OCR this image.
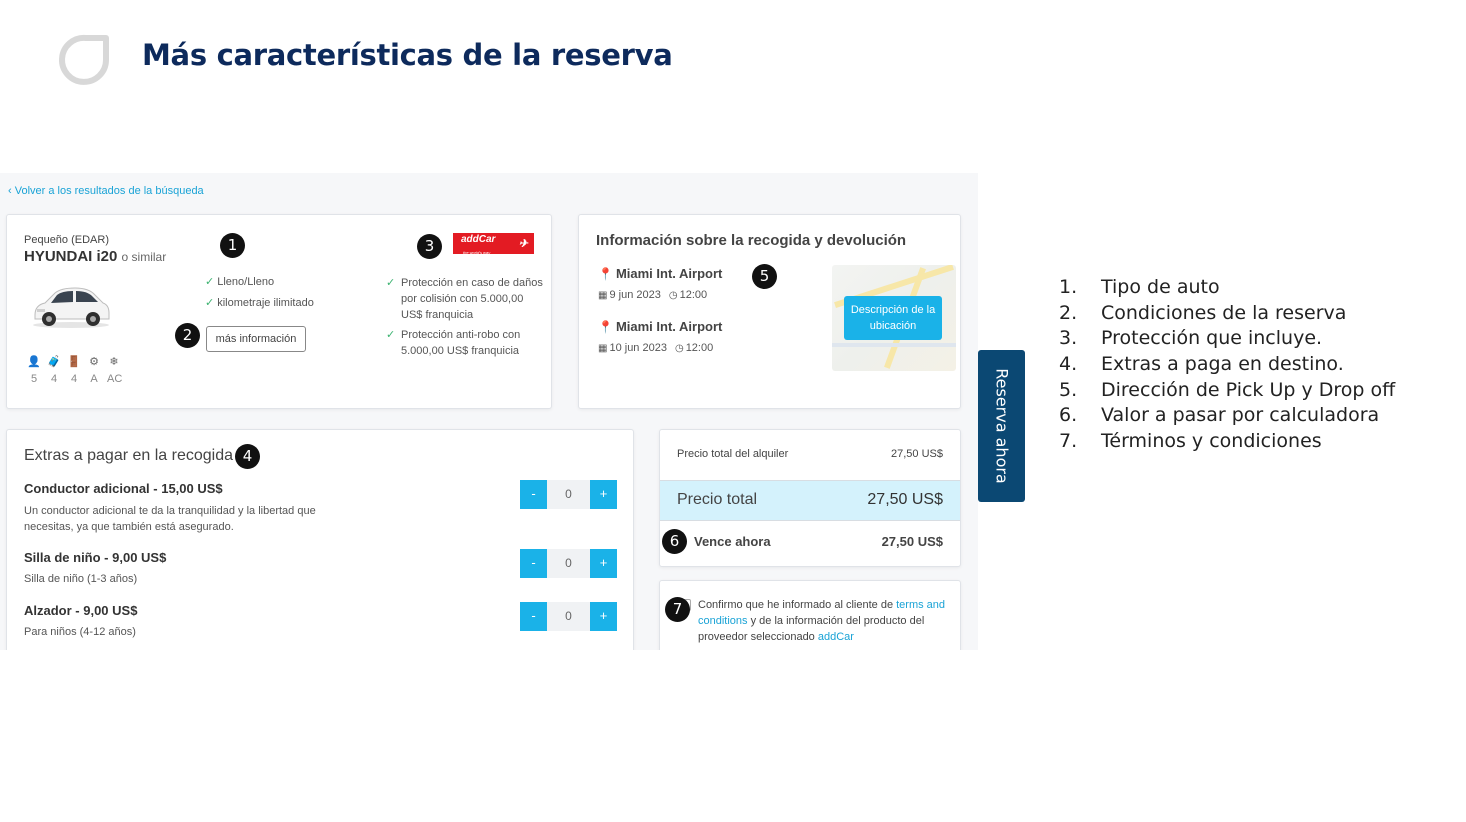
Más características de la reserva
‹ Volver a los resultados de la búsqueda
Pequeño (EDAR)
HYUNDAI i20 o similar
👤
5
🧳
4
🚪
4
⚙
A
❄
AC
1
✓ Lleno/Lleno
✓ kilometraje ilimitado
2	más información
3	addCar
the world's way
✈
✓ Protección en caso de daños por colisión con 5.000,00 US$ franquicia
✓ Protección anti-robo con 5.000,00 US$ franquicia
Información sobre la recogida y devolución
📍 Miami Int. Airport
▦ 9 jun 2023 ◷ 12:00
5
📍 Miami Int. Airport
▦ 10 jun 2023 ◷ 12:00
Descripción de la ubicación
Extras a pagar en la recogida 4
Conductor adicional - 15,00 US$
Un conductor adicional te da la tranquilidad y la libertad que necesitas, ya que también está asegurado.
-	0	+
Silla de niño - 9,00 US$
Silla de niño (1-3 años)
-	0	+
Alzador - 9,00 US$
Para niños (4-12 años)
-	0	+
Precio total del alquiler	27,50 US$
Precio total	27,50 US$
6	Vence ahora	27,50 US$
7	Confirmo que he informado al cliente de terms and conditions y de la información del producto del proveedor seleccionado addCar
Reserva ahora
1. Tipo de auto
2. Condiciones de la reserva
3. Protección que incluye.
4. Extras a paga en destino.
5. Dirección de Pick Up y Drop off
6. Valor a pasar por calculadora
7. Términos y condiciones
